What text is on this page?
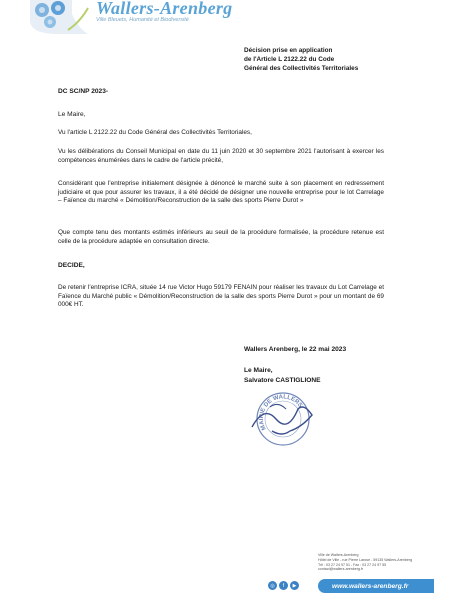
Wallers-Arenberg
Ville Bleuets, Humanité et Biodiversité
Décision prise en application
de l'Article L 2122.22 du Code
Général des Collectivités Territoriales
DC SC/NP 2023-
Le Maire,
Vu l'article L 2122.22 du Code Général des Collectivités Territoriales,
Vu les délibérations du Conseil Municipal en date du 11 juin 2020 et 30 septembre 2021 l'autorisant à exercer les compétences énumérées dans le cadre de l'article précité,
Considérant que l'entreprise initialement désignée à dénoncé le marché suite à son placement en redressement judiciaire et que pour assurer les travaux, il a été décidé de désigner une nouvelle entreprise pour le lot Carrelage – Faïence du marché « Démolition/Reconstruction de la salle des sports Pierre Durot »
Que compte tenu des montants estimés inférieurs au seuil de la procédure formalisée, la procédure retenue est celle de la procédure adaptée en consultation directe.
DECIDE,
De retenir l'entreprise ICRA, située 14 rue Victor Hugo 59179 FENAIN pour réaliser les travaux du Lot Carrelage et Faïence du Marché public « Démolition/Reconstruction de la salle des sports Pierre Durot » pour un montant de 69 000€ HT.
Wallers Arenberg, le 22 mai 2023
Le Maire,
Salvatore CASTIGLIONE
MAIRIE DE WALLERS
Ville de Wallers-Arenberg
Hôtel de Ville - rue Pierre Larose - 59135 Wallers-Arenberg
Tél : 03 27 24 97 51 - Fax : 03 27 24 97 55
contact@wallers-arenberg.fr
◎	f	▶	www.wallers-arenberg.fr
